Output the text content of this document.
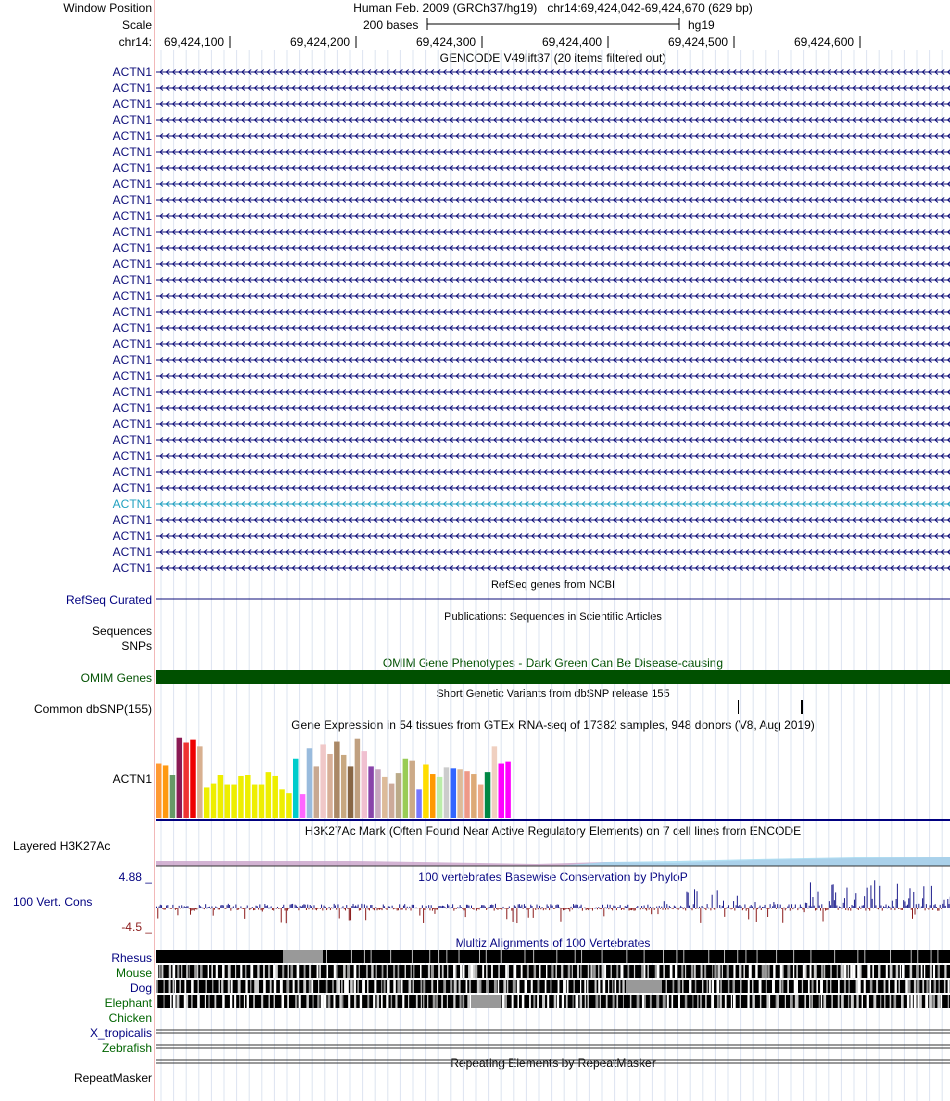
Window Position	Human Feb. 2009 (GRCh37/hg19) chr14:69,424,042-69,424,670 (629 bp)
Scale	200 bases	hg19
chr14: 69,424,100	69,424,200	69,424,300	69,424,400	69,424,500	69,424,600
GENCODE V49lift37 (20 items filtered out)
ACTN1
ACTN1
ACTN1
ACTN1
ACTN1
ACTN1
ACTN1
ACTN1
ACTN1
ACTN1
ACTN1
ACTN1
ACTN1
ACTN1
ACTN1
ACTN1
ACTN1
ACTN1
ACTN1
ACTN1
ACTN1
ACTN1
ACTN1
ACTN1
ACTN1
ACTN1
ACTN1
ACTN1
ACTN1
ACTN1
ACTN1
ACTN1
RefSeq genes from NCBI
RefSeq Curated
Publications: Sequences in Scientific Articles
Sequences
SNPs
OMIM Gene Phenotypes - Dark Green Can Be Disease-causing
OMIM Genes
Short Genetic Variants from dbSNP release 155
Common dbSNP(155)
Gene Expression in 54 tissues from GTEx RNA-seq of 17382 samples, 948 donors (V8, Aug 2019)
ACTN1
H3K27Ac Mark (Often Found Near Active Regulatory Elements) on 7 cell lines from ENCODE
Layered H3K27Ac
100 vertebrates Basewise Conservation by PhyloP
4.88 _
100 Vert. Cons
-4.5 _
Multiz Alignments of 100 Vertebrates
Rhesus
Mouse
Dog
Elephant
Chicken
X_tropicalis
Zebrafish
Repeating Elements by RepeatMasker
RepeatMasker
